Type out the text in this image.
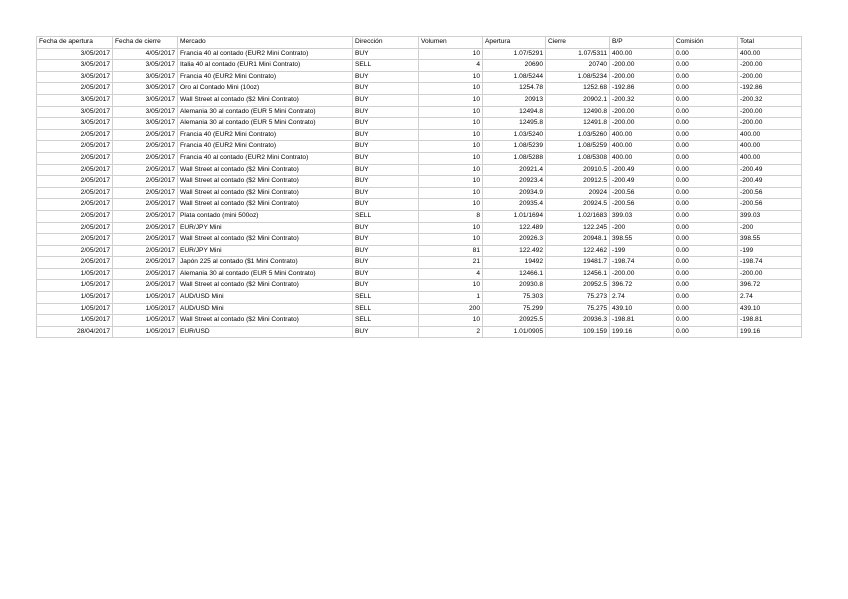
Fecha de apertura	Fecha de cierre	Mercado	Dirección	Volumen	Apertura	Cierre	B/P	Comisión	Total
3/05/2017	4/05/2017	Francia 40 al contado (EUR2 Mini Contrato)	BUY	10	1.07/5291	1.07/5311	400.00	0.00	400.00
3/05/2017	3/05/2017	Italia 40 al contado (EUR1 Mini Contrato)	SELL	4	20690	20740	-200.00	0.00	-200.00
3/05/2017	3/05/2017	Francia 40 (EUR2 Mini Contrato)	BUY	10	1.08/5244	1.08/5234	-200.00	0.00	-200.00
2/05/2017	3/05/2017	Oro al Contado Mini (10oz)	BUY	10	1254.78	1252.68	-192.86	0.00	-192.86
3/05/2017	3/05/2017	Wall Street al contado ($2 Mini Contrato)	BUY	10	20913	20902.1	-200.32	0.00	-200.32
3/05/2017	3/05/2017	Alemania 30 al contado (EUR 5 Mini Contrato)	BUY	10	12494.8	12490.8	-200.00	0.00	-200.00
3/05/2017	3/05/2017	Alemania 30 al contado (EUR 5 Mini Contrato)	BUY	10	12495.8	12491.8	-200.00	0.00	-200.00
2/05/2017	2/05/2017	Francia 40 (EUR2 Mini Contrato)	BUY	10	1.03/5240	1.03/5260	400.00	0.00	400.00
2/05/2017	2/05/2017	Francia 40 (EUR2 Mini Contrato)	BUY	10	1.08/5239	1.08/5259	400.00	0.00	400.00
2/05/2017	2/05/2017	Francia 40 al contado (EUR2 Mini Contrato)	BUY	10	1.08/5288	1.08/5308	400.00	0.00	400.00
2/05/2017	2/05/2017	Wall Street al contado ($2 Mini Contrato)	BUY	10	20921.4	20910.5	-200.49	0.00	-200.49
2/05/2017	2/05/2017	Wall Street al contado ($2 Mini Contrato)	BUY	10	20923.4	20912.5	-200.49	0.00	-200.49
2/05/2017	2/05/2017	Wall Street al contado ($2 Mini Contrato)	BUY	10	20934.9	20924	-200.56	0.00	-200.56
2/05/2017	2/05/2017	Wall Street al contado ($2 Mini Contrato)	BUY	10	20935.4	20924.5	-200.56	0.00	-200.56
2/05/2017	2/05/2017	Plata contado (mini 500oz)	SELL	8	1.01/1694	1.02/1683	399.03	0.00	399.03
2/05/2017	2/05/2017	EUR/JPY Mini	BUY	10	122.489	122.245	-200	0.00	-200
2/05/2017	2/05/2017	Wall Street al contado ($2 Mini Contrato)	BUY	10	20926.3	20948.1	398.55	0.00	398.55
2/05/2017	2/05/2017	EUR/JPY Mini	BUY	81	122.492	122.462	-199	0.00	-199
2/05/2017	2/05/2017	Japón 225 al contado ($1 Mini Contrato)	BUY	21	19492	19481.7	-198.74	0.00	-198.74
1/05/2017	2/05/2017	Alemania 30 al contado (EUR 5 Mini Contrato)	BUY	4	12466.1	12456.1	-200.00	0.00	-200.00
1/05/2017	2/05/2017	Wall Street al contado ($2 Mini Contrato)	BUY	10	20930.8	20952.5	396.72	0.00	396.72
1/05/2017	1/05/2017	AUD/USD Mini	SELL	1	75.303	75.273	2.74	0.00	2.74
1/05/2017	1/05/2017	AUD/USD Mini	SELL	200	75.299	75.275	439.10	0.00	439.10
1/05/2017	1/05/2017	Wall Street al contado ($2 Mini Contrato)	SELL	10	20925.5	20936.3	-198.81	0.00	-198.81
28/04/2017	1/05/2017	EUR/USD	BUY	2	1.01/0905	109.159	199.16	0.00	199.16
